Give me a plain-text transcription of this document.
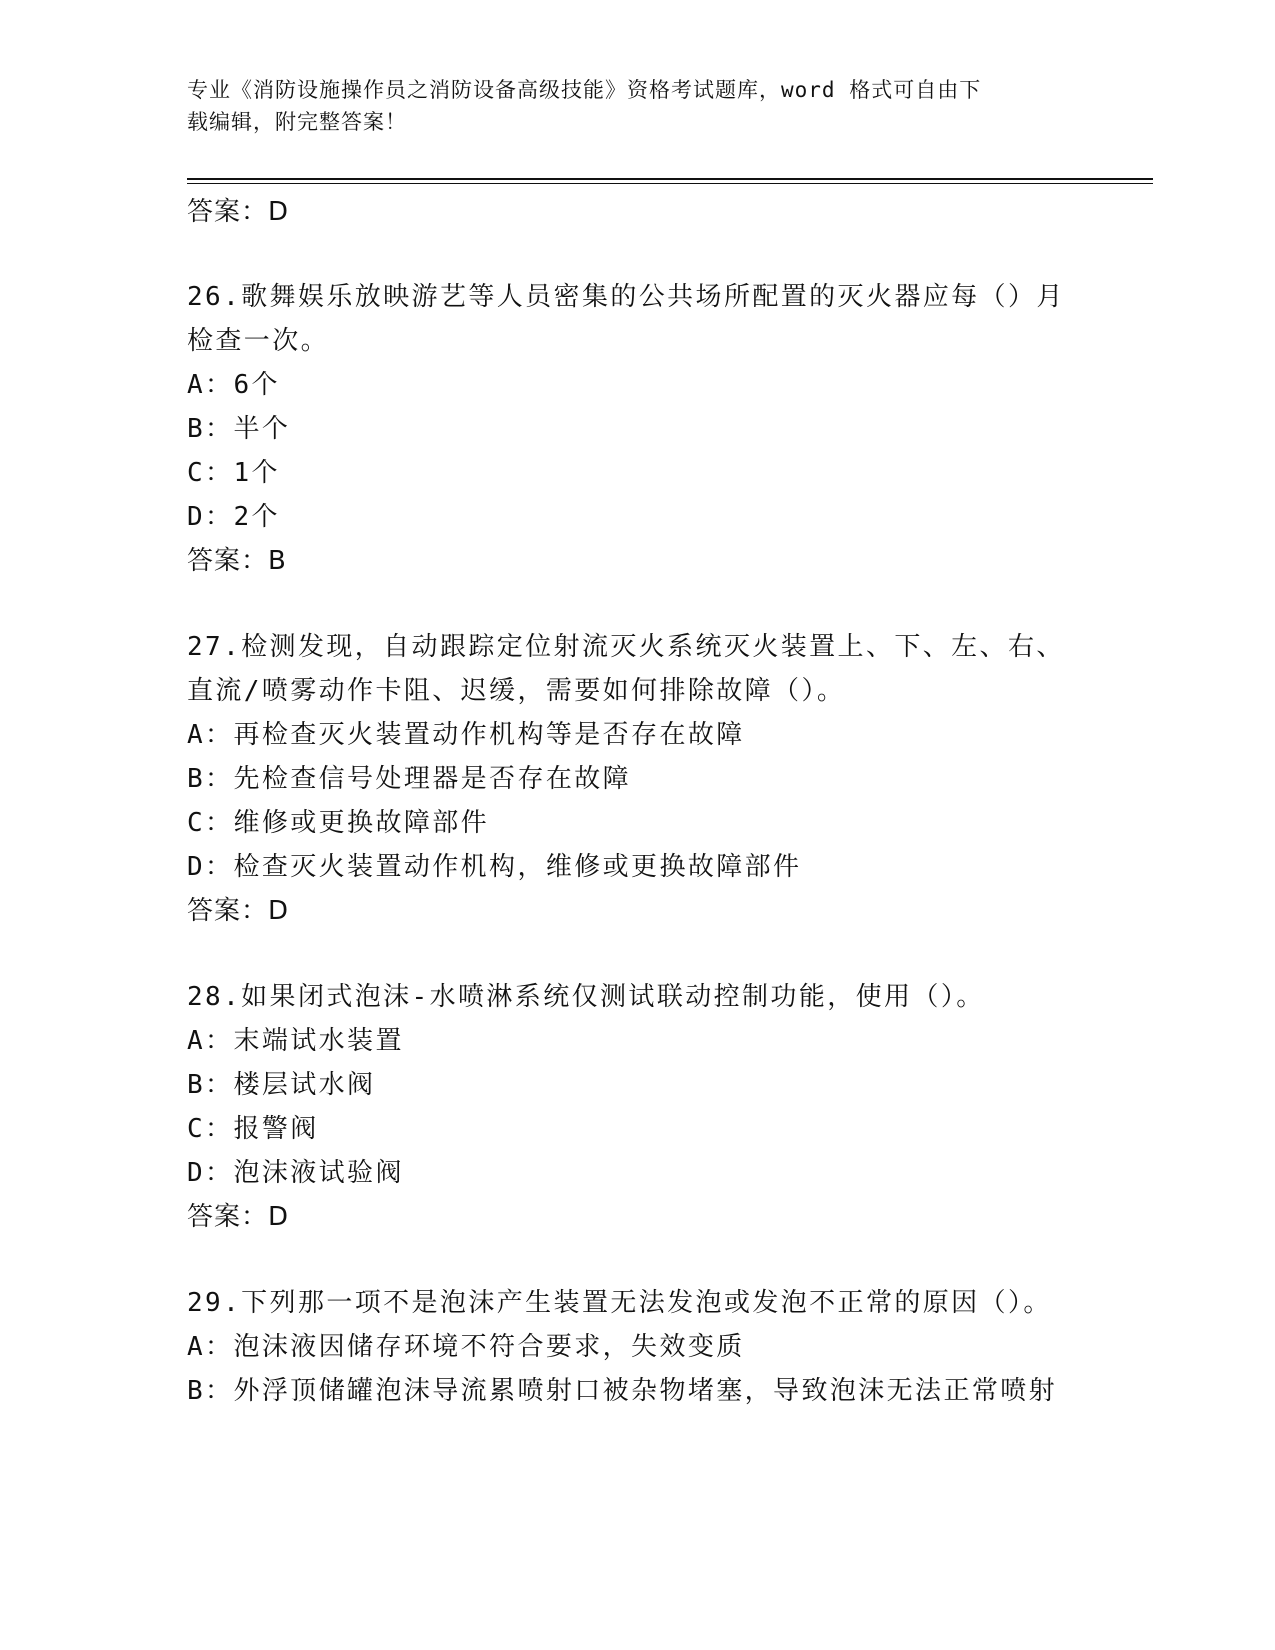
专业《消防设施操作员之消防设备高级技能》资格考试题库，word 格式可自由下
载编辑，附完整答案！
答案：D
26.歌舞娱乐放映游艺等人员密集的公共场所配置的灭火器应每（）月
检查一次。
A：6个
B：半个
C：1个
D：2个
答案：B
27.检测发现，自动跟踪定位射流灭火系统灭火装置上、下、左、右、
直流/喷雾动作卡阻、迟缓，需要如何排除故障（）。
A：再检查灭火装置动作机构等是否存在故障
B：先检查信号处理器是否存在故障
C：维修或更换故障部件
D：检查灭火装置动作机构，维修或更换故障部件
答案：D
28.如果闭式泡沫-水喷淋系统仅测试联动控制功能，使用（）。
A：末端试水装置
B：楼层试水阀
C：报警阀
D：泡沫液试验阀
答案：D
29.下列那一项不是泡沫产生装置无法发泡或发泡不正常的原因（）。
A：泡沫液因储存环境不符合要求，失效变质
B：外浮顶储罐泡沫导流累喷射口被杂物堵塞，导致泡沫无法正常喷射
